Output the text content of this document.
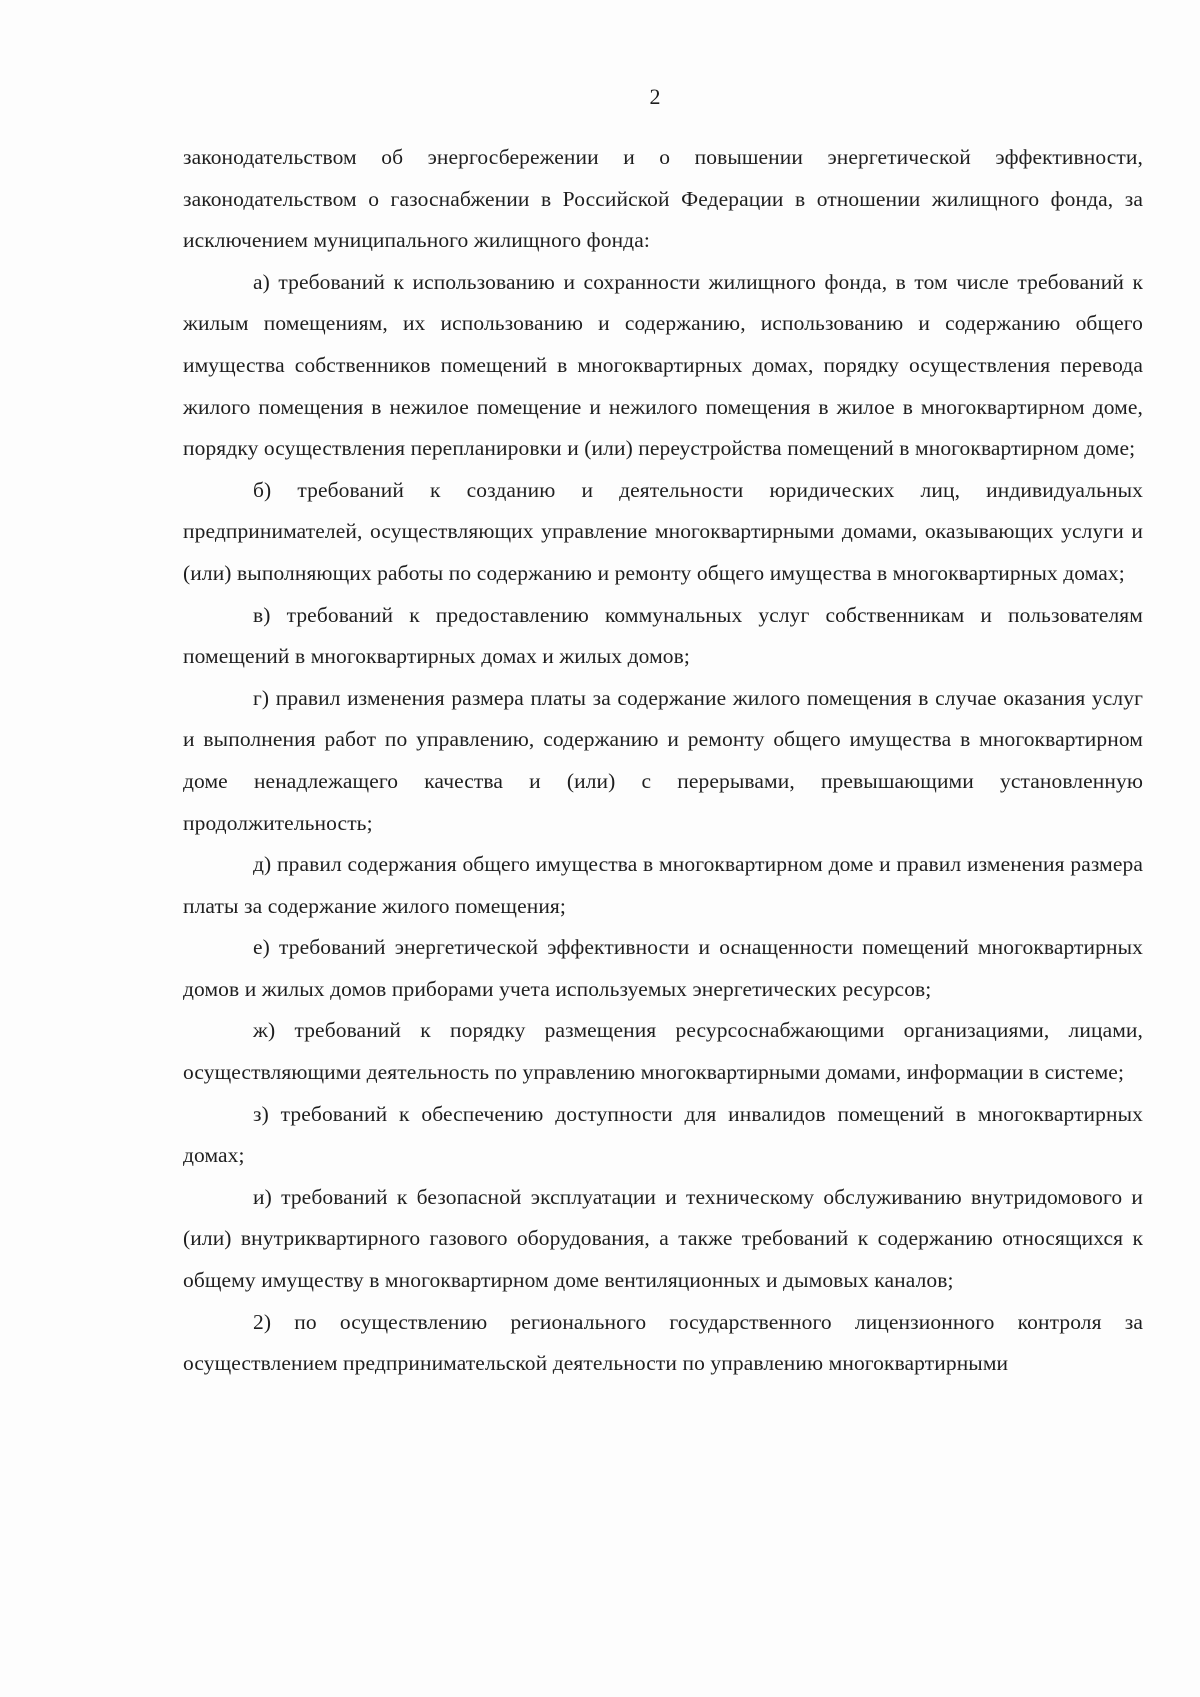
2

законодательством об энергосбережении и о повышении энергетической эффективности, законодательством о газоснабжении в Российской Федерации в отношении жилищного фонда, за исключением муниципального жилищного фонда:

а) требований к использованию и сохранности жилищного фонда, в том числе требований к жилым помещениям, их использованию и содержанию, использованию и содержанию общего имущества собственников помещений в многоквартирных домах, порядку осуществления перевода жилого помещения в нежилое помещение и нежилого помещения в жилое в многоквартирном доме, порядку осуществления перепланировки и (или) переустройства помещений в многоквартирном доме;

б) требований к созданию и деятельности юридических лиц, индивидуальных предпринимателей, осуществляющих управление многоквартирными домами, оказывающих услуги и (или) выполняющих работы по содержанию и ремонту общего имущества в многоквартирных домах;

в) требований к предоставлению коммунальных услуг собственникам и пользователям помещений в многоквартирных домах и жилых домов;

г) правил изменения размера платы за содержание жилого помещения в случае оказания услуг и выполнения работ по управлению, содержанию и ремонту общего имущества в многоквартирном доме ненадлежащего качества и (или) с перерывами, превышающими установленную продолжительность;

д) правил содержания общего имущества в многоквартирном доме и правил изменения размера платы за содержание жилого помещения;

е) требований энергетической эффективности и оснащенности помещений многоквартирных домов и жилых домов приборами учета используемых энергетических ресурсов;

ж) требований к порядку размещения ресурсоснабжающими организациями, лицами, осуществляющими деятельность по управлению многоквартирными домами, информации в системе;

з) требований к обеспечению доступности для инвалидов помещений в многоквартирных домах;

и) требований к безопасной эксплуатации и техническому обслуживанию внутридомового и (или) внутриквартирного газового оборудования, а также требований к содержанию относящихся к общему имуществу в многоквартирном доме вентиляционных и дымовых каналов;

2) по осуществлению регионального государственного лицензионного контроля за осуществлением предпринимательской деятельности по управлению многоквартирными
